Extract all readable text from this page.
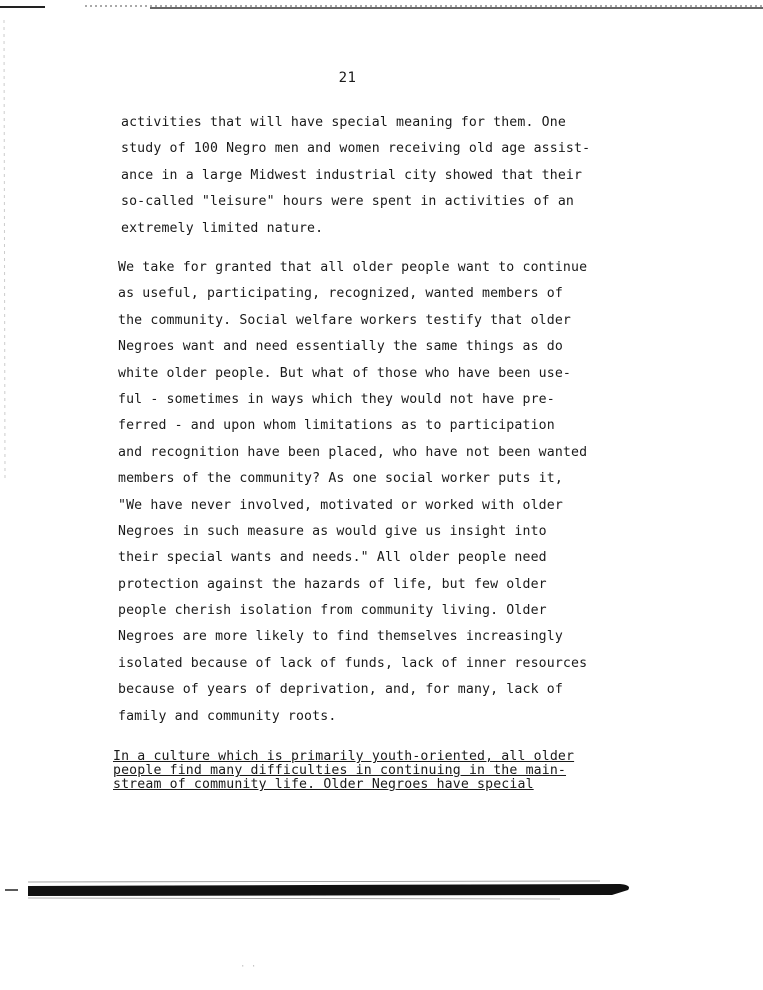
21
activities that will have special meaning for them. One
study of 100 Negro men and women receiving old age assist-
ance in a large Midwest industrial city showed that their
so-called "leisure" hours were spent in activities of an
extremely limited nature.
We take for granted that all older people want to continue
as useful, participating, recognized, wanted members of
the community. Social welfare workers testify that older
Negroes want and need essentially the same things as do
white older people. But what of those who have been use-
ful - sometimes in ways which they would not have pre-
ferred - and upon whom limitations as to participation
and recognition have been placed, who have not been wanted
members of the community? As one social worker puts it,
"We have never involved, motivated or worked with older
Negroes in such measure as would give us insight into
their special wants and needs." All older people need
protection against the hazards of life, but few older
people cherish isolation from community living. Older
Negroes are more likely to find themselves increasingly
isolated because of lack of funds, lack of inner resources
because of years of deprivation, and, for many, lack of
family and community roots.
In a culture which is primarily youth-oriented, all older
people find many difficulties in continuing in the main-
stream of community life. Older Negroes have special
· ·
